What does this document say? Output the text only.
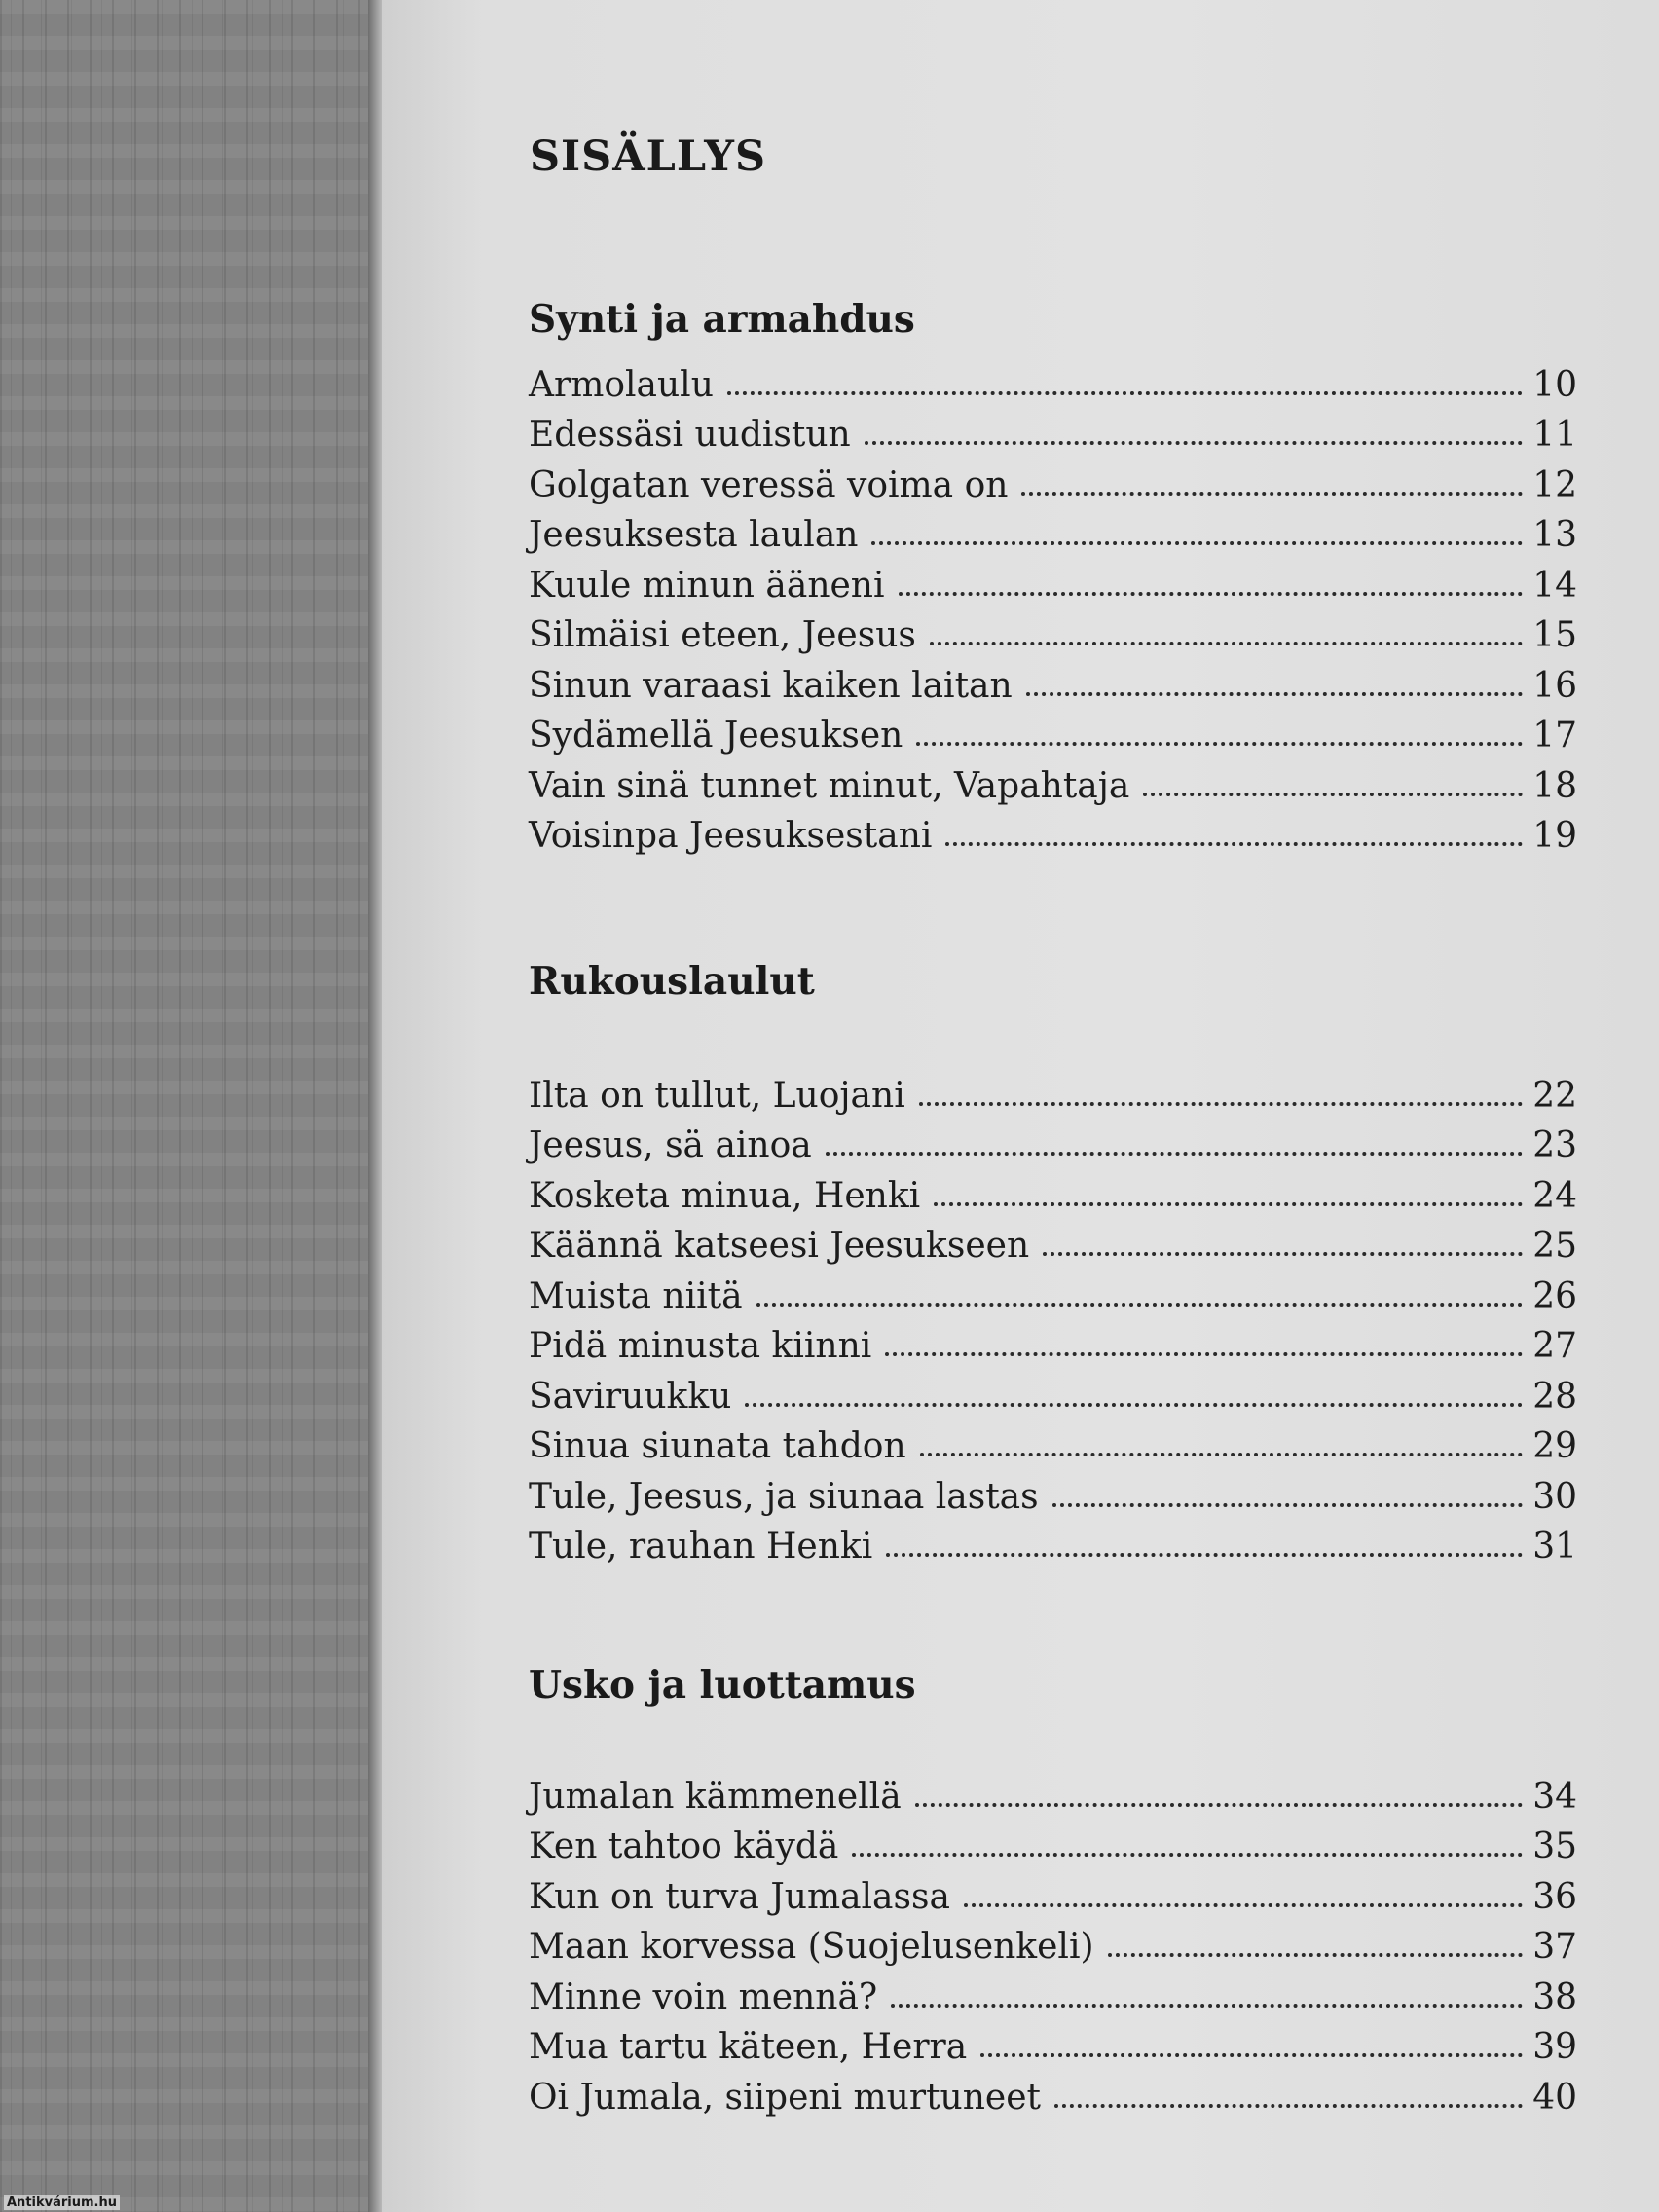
SISÄLLYS
Synti ja armahdus
Armolaulu	10
Edessäsi uudistun	11
Golgatan veressä voima on	12
Jeesuksesta laulan	13
Kuule minun ääneni	14
Silmäisi eteen, Jeesus	15
Sinun varaasi kaiken laitan	16
Sydämellä Jeesuksen	17
Vain sinä tunnet minut, Vapahtaja	18
Voisinpa Jeesuksestani	19
Rukouslaulut
Ilta on tullut, Luojani	22
Jeesus, sä ainoa	23
Kosketa minua, Henki	24
Käännä katseesi Jeesukseen	25
Muista niitä	26
Pidä minusta kiinni	27
Saviruukku	28
Sinua siunata tahdon	29
Tule, Jeesus, ja siunaa lastas	30
Tule, rauhan Henki	31
Usko ja luottamus
Jumalan kämmenellä	34
Ken tahtoo käydä	35
Kun on turva Jumalassa	36
Maan korvessa (Suojelusenkeli)	37
Minne voin mennä?	38
Mua tartu käteen, Herra	39
Oi Jumala, siipeni murtuneet	40
Antikvárium.hu
